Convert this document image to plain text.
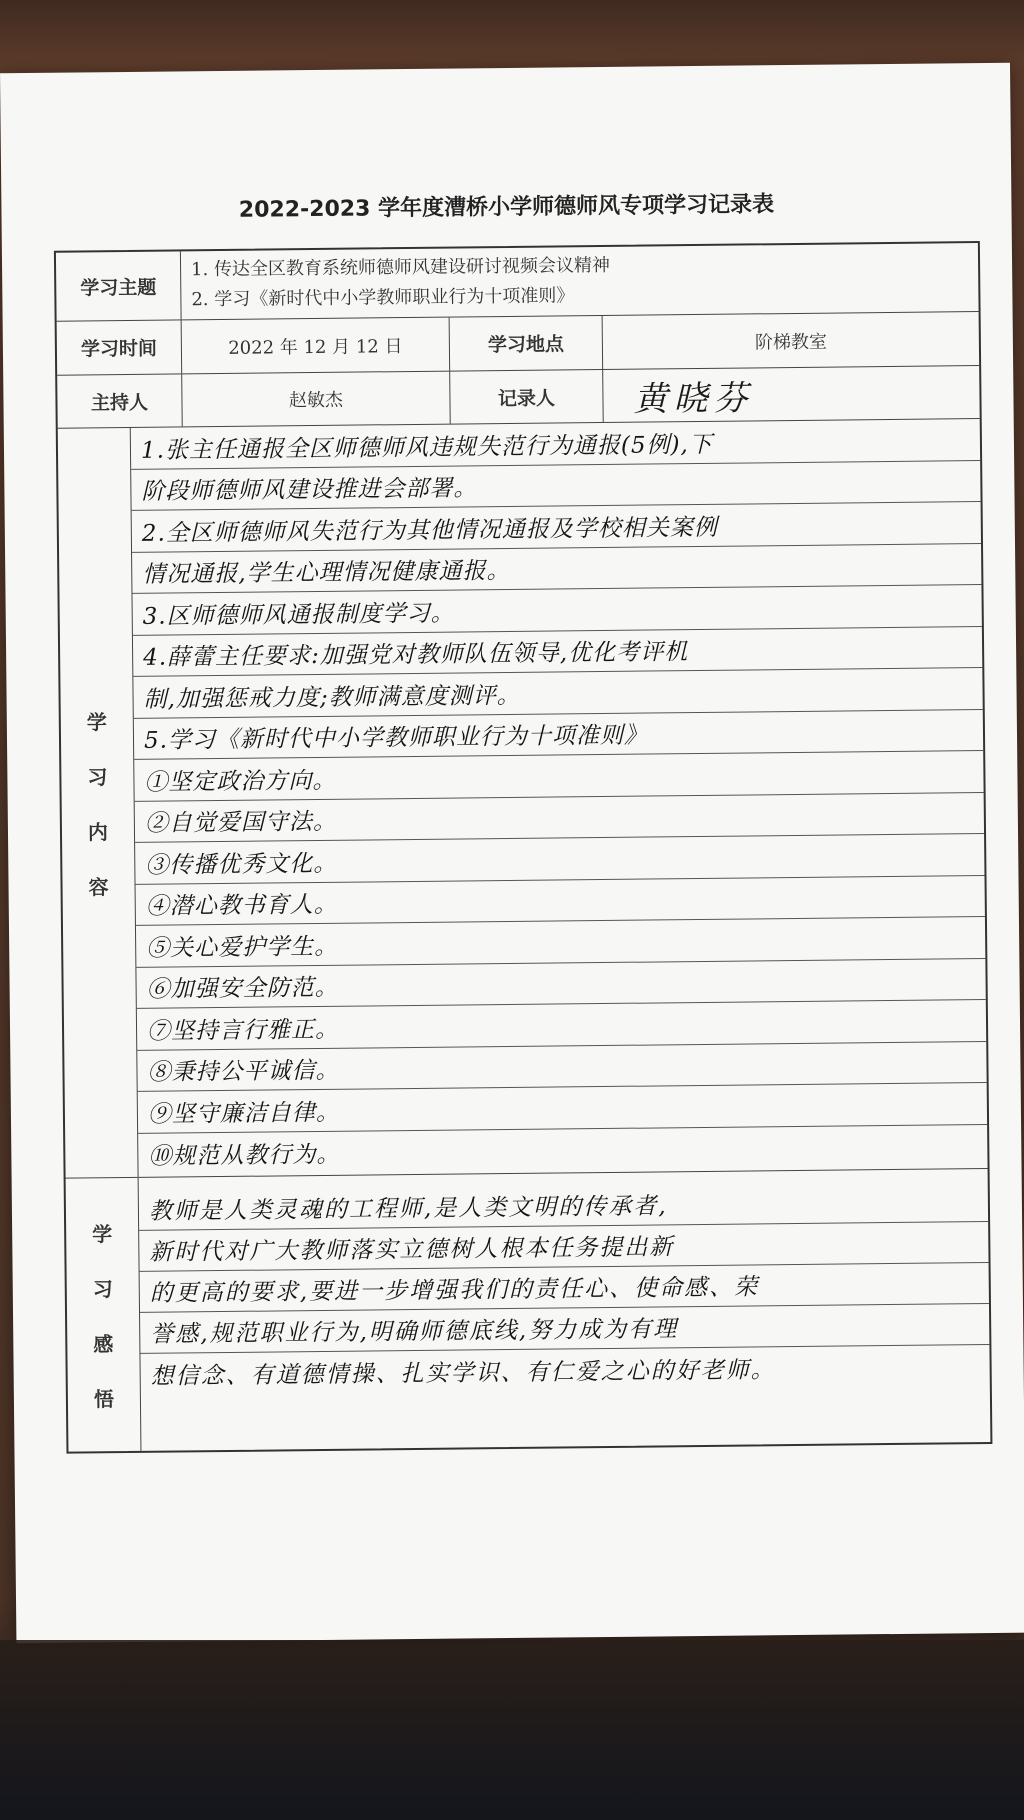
2022-2023 学年度漕桥小学师德师风专项学习记录表
学习主题
1. 传达全区教育系统师德师风建设研讨视频会议精神
2. 学习《新时代中小学教师职业行为十项准则》
学习时间	2022 年 12 月 12 日	学习地点	阶梯教室
主持人	赵敏杰	记录人	黄晓芬
学
习
内
容
1.张主任通报全区师德师风违规失范行为通报(5例),下
阶段师德师风建设推进会部署。
2.全区师德师风失范行为其他情况通报及学校相关案例
情况通报,学生心理情况健康通报。
3.区师德师风通报制度学习。
4.薛蕾主任要求:加强党对教师队伍领导,优化考评机
制,加强惩戒力度;教师满意度测评。
5.学习《新时代中小学教师职业行为十项准则》
①坚定政治方向。
②自觉爱国守法。
③传播优秀文化。
④潜心教书育人。
⑤关心爱护学生。
⑥加强安全防范。
⑦坚持言行雅正。
⑧秉持公平诚信。
⑨坚守廉洁自律。
⑩规范从教行为。
学
习
感
悟
教师是人类灵魂的工程师,是人类文明的传承者,
新时代对广大教师落实立德树人根本任务提出新
的更高的要求,要进一步增强我们的责任心、使命感、荣
誉感,规范职业行为,明确师德底线,努力成为有理
想信念、有道德情操、扎实学识、有仁爱之心的好老师。
